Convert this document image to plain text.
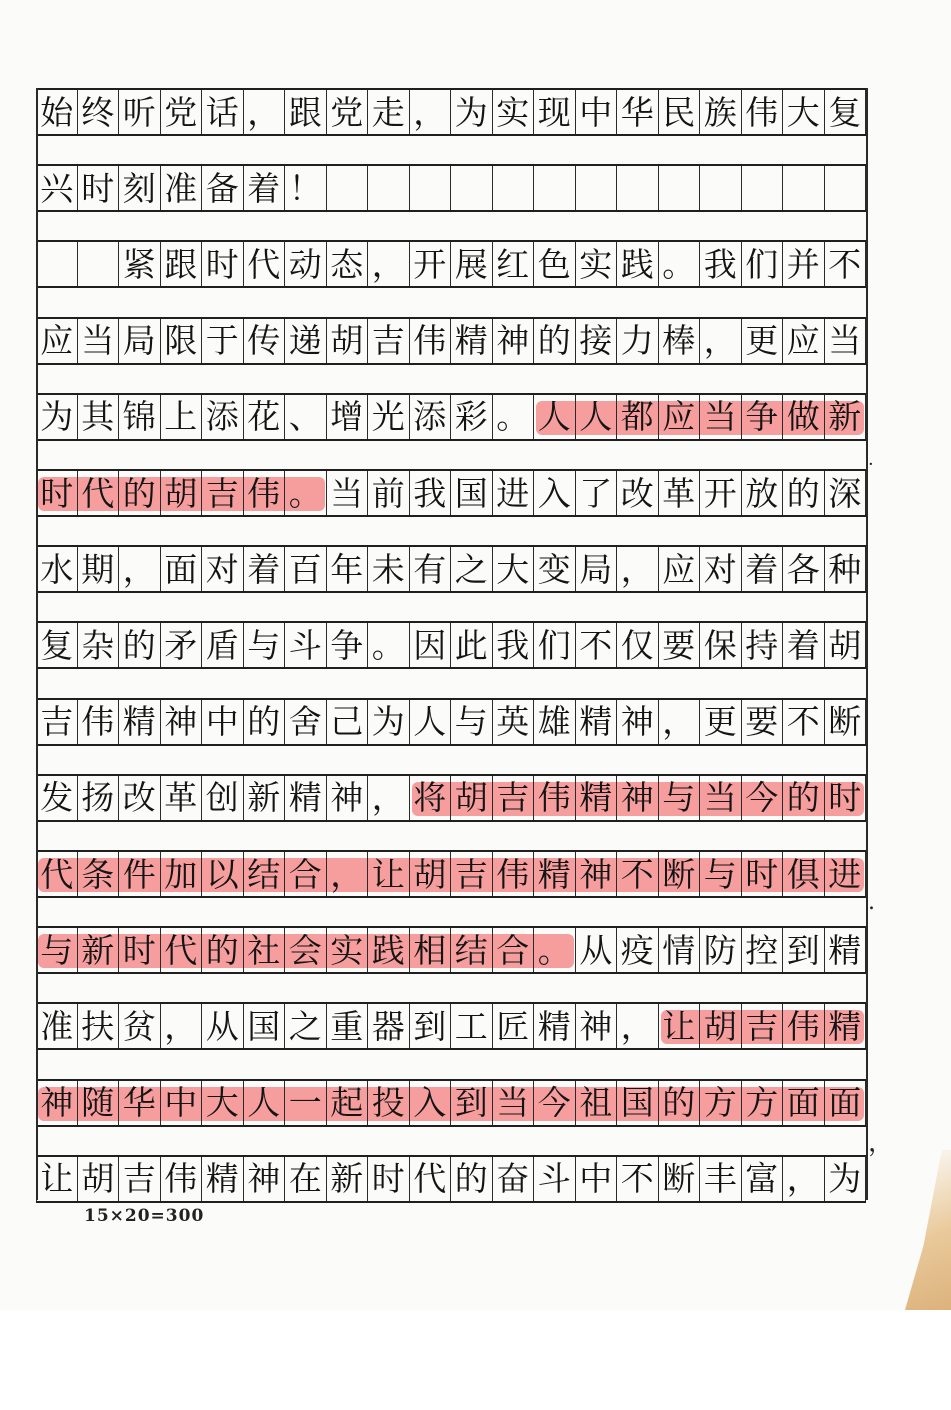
始 终 听 党 话 ， 跟 党 走 ， 为 实 现 中 华 民 族 伟 大 复
兴 时 刻 准 备 着 ！
紧 跟 时 代 动 态 ， 开 展 红 色 实 践 。 我 们 并 不
应 当 局 限 于 传 递 胡 吉 伟 精 神 的 接 力 棒 ， 更 应 当
为 其 锦 上 添 花 、 增 光 添 彩 。 人 人 都 应 当 争 做 新
时 代 的 胡 吉 伟 。 当 前 我 国 进 入 了 改 革 开 放 的 深
水 期 ， 面 对 着 百 年 未 有 之 大 变 局 ， 应 对 着 各 种
复 杂 的 矛 盾 与 斗 争 。 因 此 我 们 不 仅 要 保 持 着 胡
吉 伟 精 神 中 的 舍 己 为 人 与 英 雄 精 神 ， 更 要 不 断
发 扬 改 革 创 新 精 神 ， 将 胡 吉 伟 精 神 与 当 今 的 时
代 条 件 加 以 结 合 ， 让 胡 吉 伟 精 神 不 断 与 时 俱 进
与 新 时 代 的 社 会 实 践 相 结 合 。 从 疫 情 防 控 到 精
准 扶 贫 ， 从 国 之 重 器 到 工 匠 精 神 ， 让 胡 吉 伟 精
神 随 华 中 大 人 一 起 投 入 到 当 今 祖 国 的 方 方 面 面
让 胡 吉 伟 精 神 在 新 时 代 的 奋 斗 中 不 断 丰 富 ， 为
·
.
，
15×20=300
